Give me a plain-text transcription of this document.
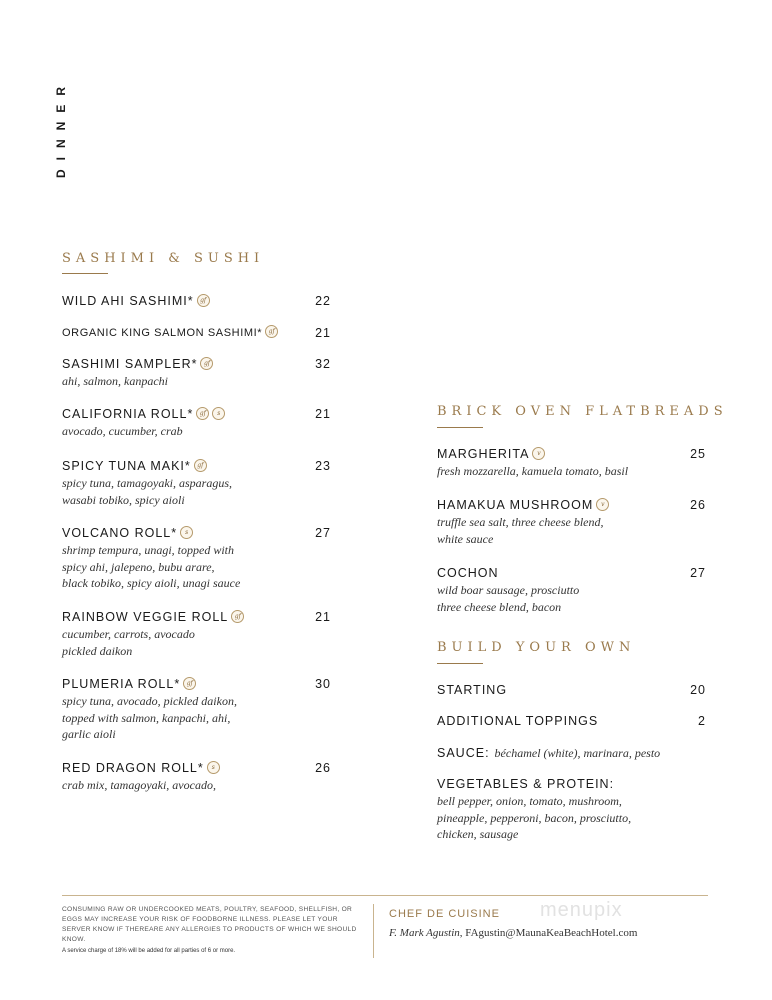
DINNER
SASHIMI & SUSHI
BRICK OVEN FLATBREADS
BUILD YOUR OWN
WILD AHI SASHIMI* gf	22
ORGANIC KING SALMON SASHIMI* gf	21
SASHIMI SAMPLER* gf	32
ahi, salmon, kanpachi
CALIFORNIA ROLL* gf s	21
avocado, cucumber, crab
SPICY TUNA MAKI* gf	23
spicy tuna, tamagoyaki, asparagus,
wasabi tobiko, spicy aioli
VOLCANO ROLL* s	27
shrimp tempura, unagi, topped with
spicy ahi, jalepeno, bubu arare,
black tobiko, spicy aioli, unagi sauce
RAINBOW VEGGIE ROLL gf	21
cucumber, carrots, avocado
pickled daikon
PLUMERIA ROLL* gf	30
spicy tuna, avocado, pickled daikon,
topped with salmon, kanpachi, ahi,
garlic aioli
RED DRAGON ROLL* s	26
crab mix, tamagoyaki, avocado,
MARGHERITA v	25
fresh mozzarella, kamuela tomato, basil
HAMAKUA MUSHROOM v	26
truffle sea salt, three cheese blend,
white sauce
COCHON	27
wild boar sausage, prosciutto
three cheese blend, bacon
STARTING	20
ADDITIONAL TOPPINGS	2
SAUCE: béchamel (white), marinara, pesto
VEGETABLES & PROTEIN:
bell pepper, onion, tomato, mushroom,
pineapple, pepperoni, bacon, prosciutto,
chicken, sausage
CONSUMING RAW OR UNDERCOOKED MEATS, POULTRY, SEAFOOD, SHELLFISH, OR EGGS MAY INCREASE YOUR RISK OF FOODBORNE ILLNESS. PLEASE LET YOUR SERVER KNOW IF THEREARE ANY ALLERGIES TO PRODUCTS OF WHICH WE SHOULD KNOW.
A service charge of 18% will be added for all parties of 6 or more.
menupix
CHEF DE CUISINE
F. Mark Agustin, FAgustin@MaunaKeaBeachHotel.com
